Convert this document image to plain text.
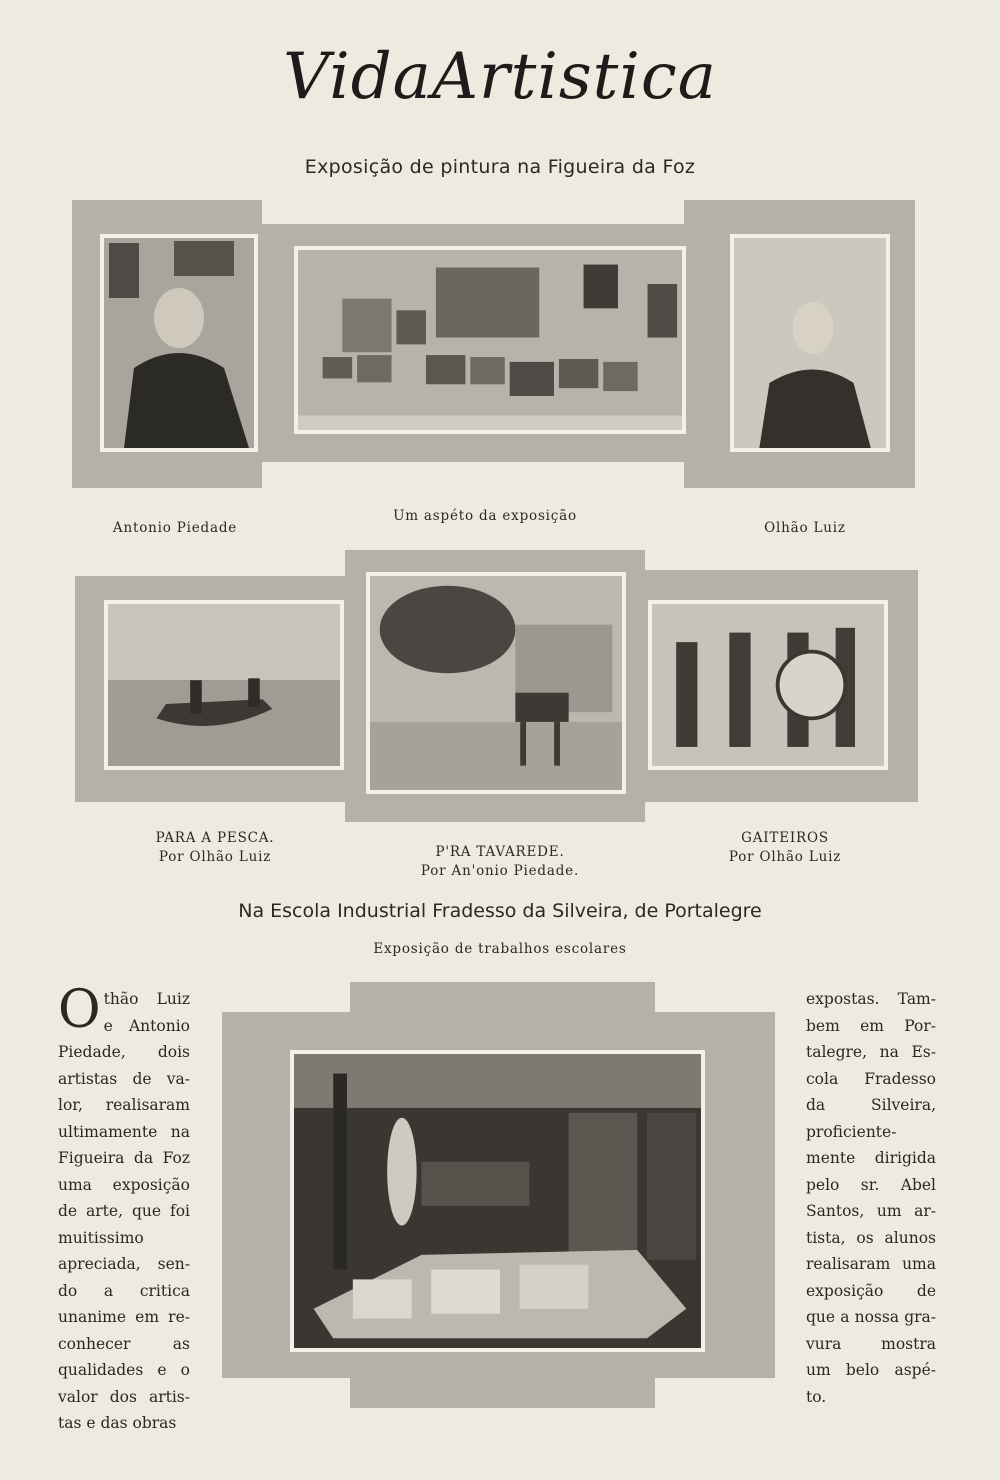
VidaArtistica
Exposição de pintura na Figueira da Foz
Antonio Piedade
Um aspéto da exposição
Olhão Luiz
PARA A PESCA.
Por Olhão Luiz	P'RA TAVAREDE.
Por An'onio Piedade.
GAITEIROS
Por Olhão Luiz
Na Escola Industrial Fradesso da Silveira, de Portalegre
Exposição de trabalhos escolares
O thão Luiz
e Antonio
Piedade, dois
artistas de va-
lor, realisaram
ultimamente na
Figueira da Foz
uma exposição
de arte, que foi
muitissimo
apreciada, sen-
do a critica
unanime em re-
conhecer as
qualidades e o
valor dos artis-
tas e das obras
expostas. Tam-
bem em Por-
talegre, na Es-
cola Fradesso
da Silveira,
proficiente-
mente dirigida
pelo sr. Abel
Santos, um ar-
tista, os alunos
realisaram uma
exposição de
que a nossa gra-
vura mostra
um belo aspé-
to.
